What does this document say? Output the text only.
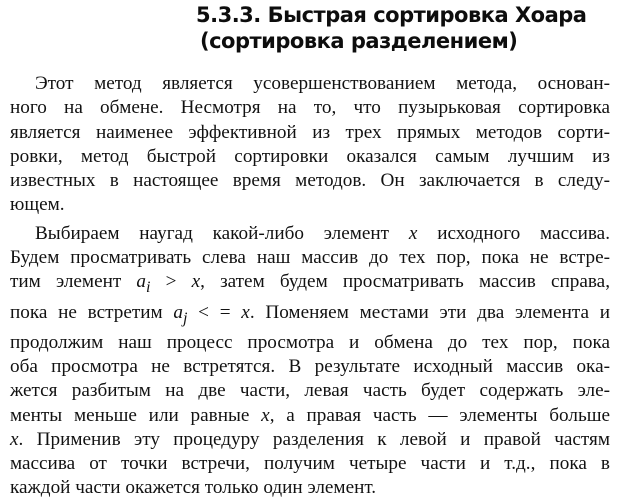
5.3.3. Быстрая сортировка Хоара
(сортировка разделением)

Этот метод является усовершенствованием метода, основан-
ного на обмене. Несмотря на то, что пузырьковая сортировка
является наименее эффективной из трех прямых методов сорти-
ровки, метод быстрой сортировки оказался самым лучшим из
известных в настоящее время методов. Он заключается в следу-
ющем.

Выбираем наугад какой-либо элемент x исходного массива.
Будем просматривать слева наш массив до тех пор, пока не встре-
тим элемент $a_i > x$, затем будем просматривать массив справа,
пока не встретим $a_j$ < = x. Поменяем местами эти два элемента и
продолжим наш процесс просмотра и обмена до тех пор, пока
оба просмотра не встретятся. В результате исходный массив ока-
жется разбитым на две части, левая часть будет содержать эле-
менты меньше или равные x, а правая часть — элементы больше
x. Применив эту процедуру разделения к левой и правой частям
массива от точки встречи, получим четыре части и т.д., пока в
каждой части окажется только один элемент.
